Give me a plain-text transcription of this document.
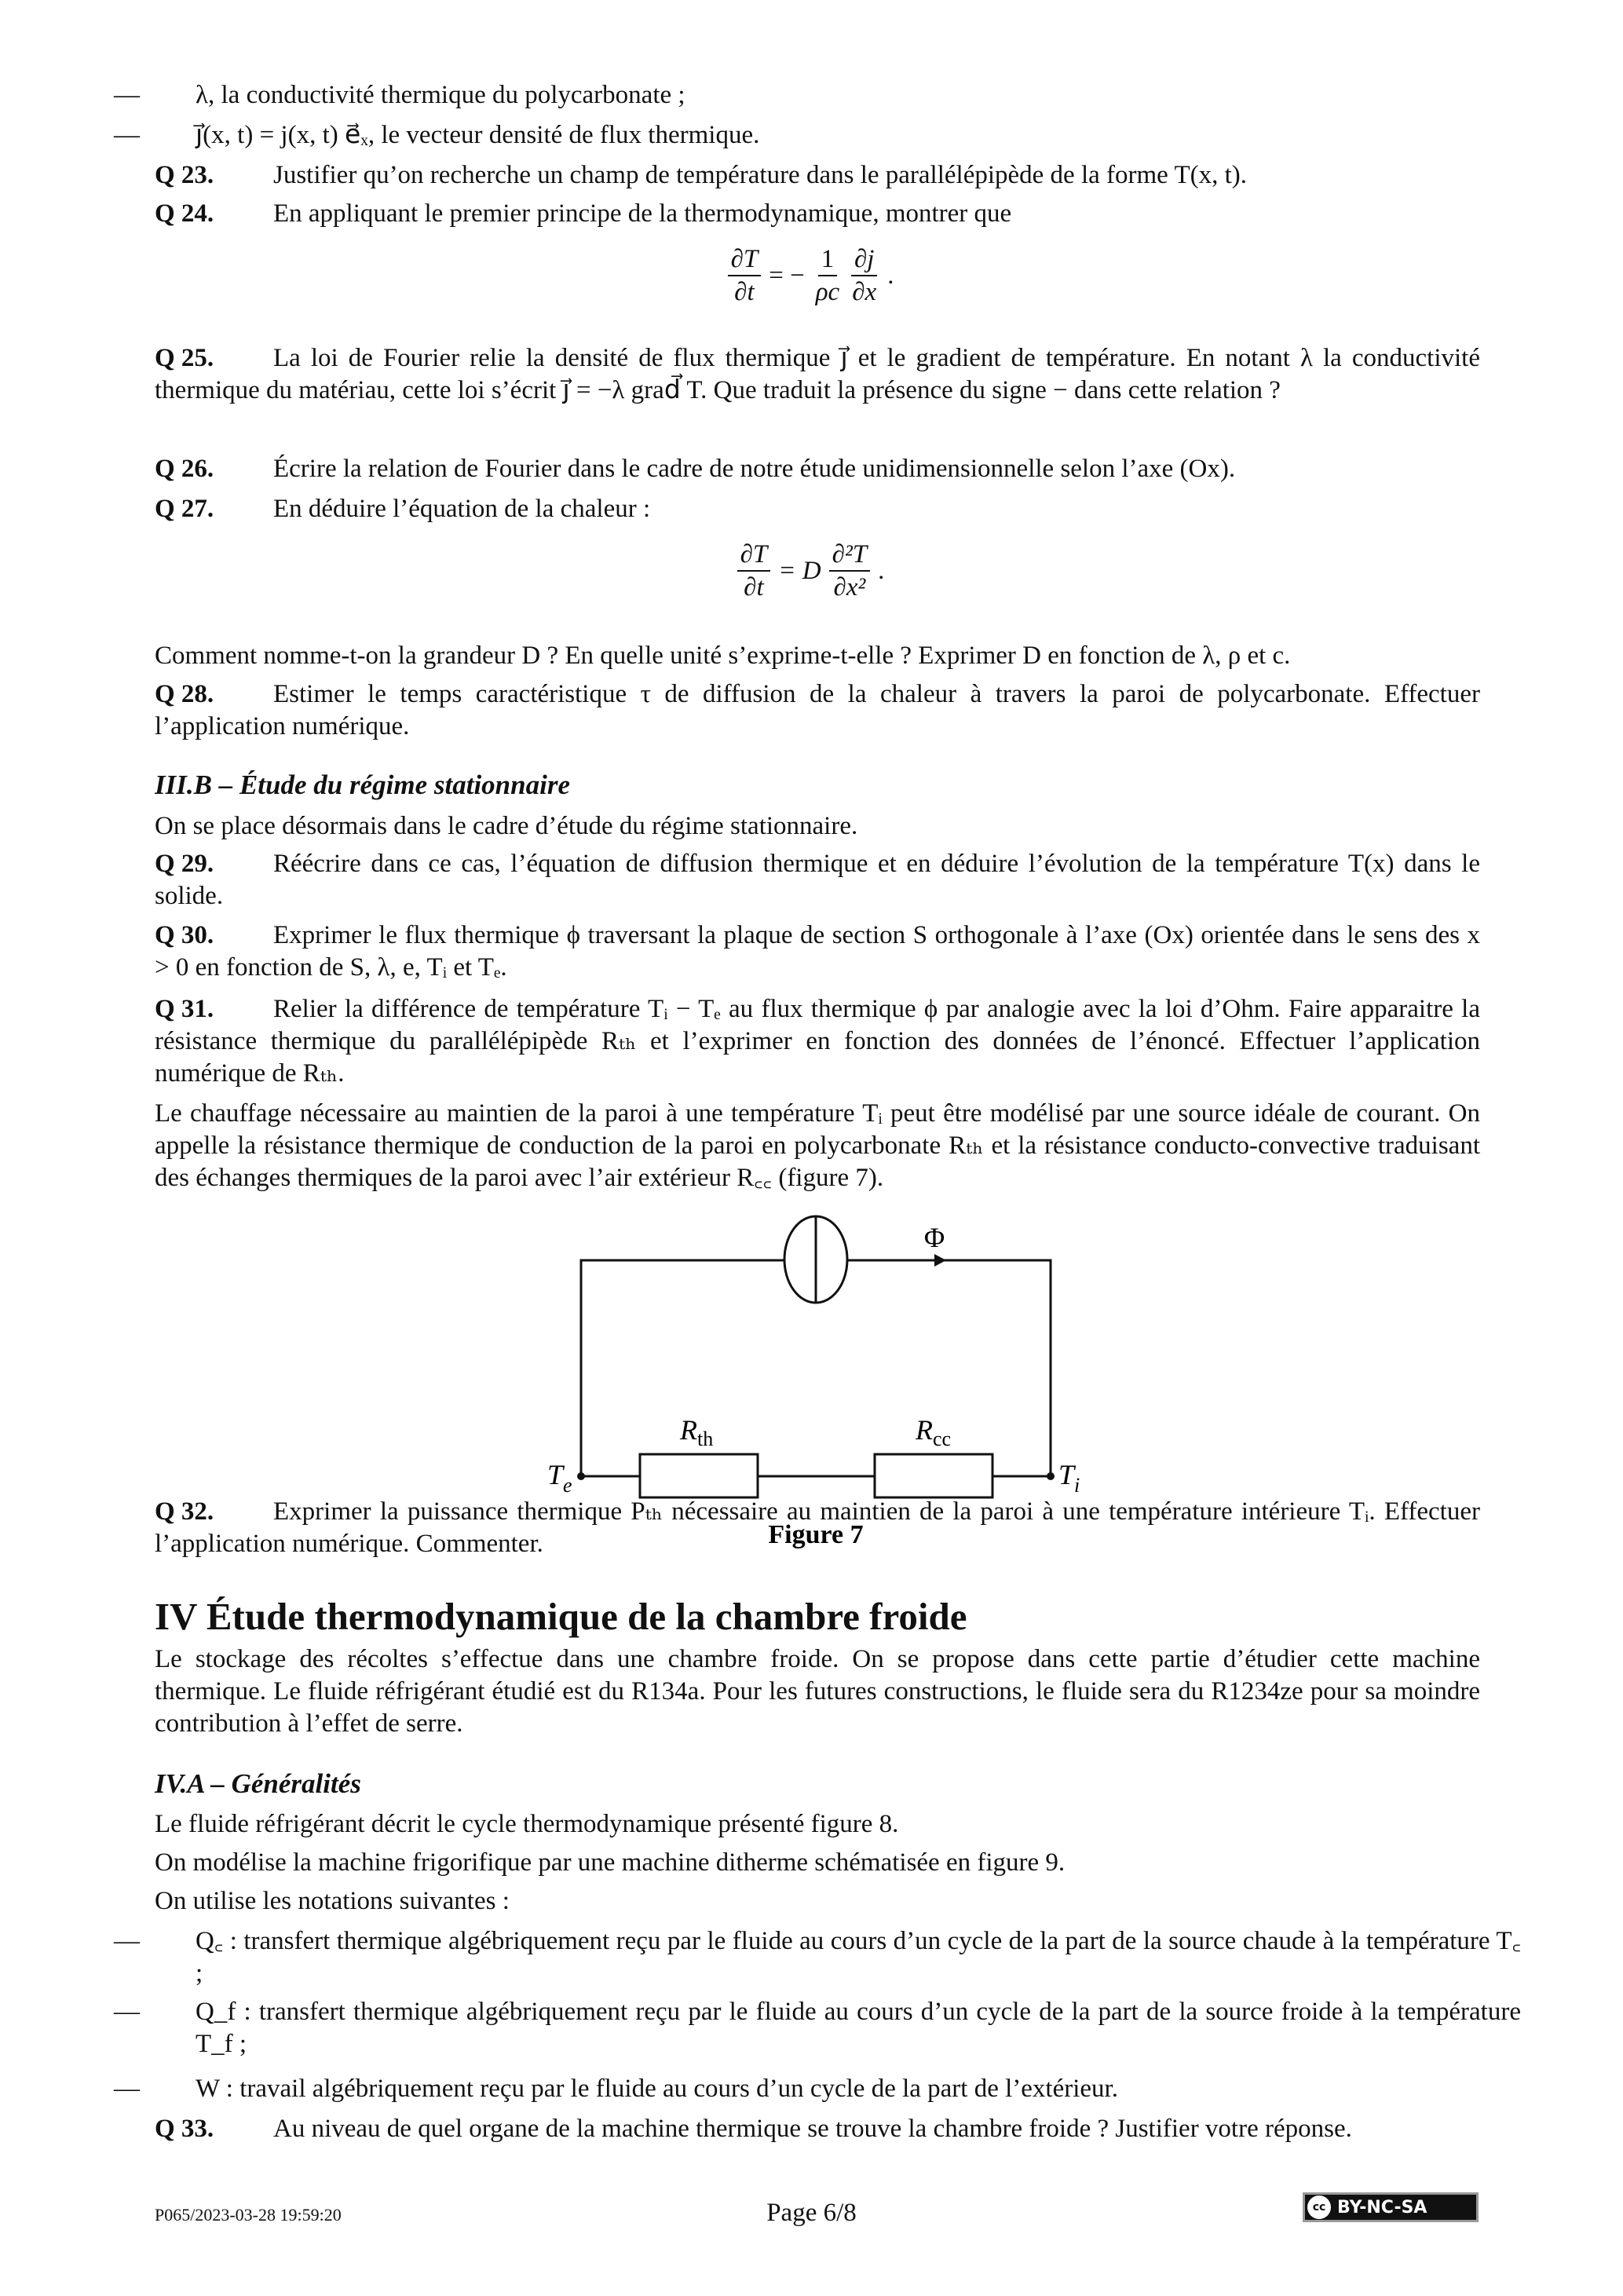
— λ, la conductivité thermique du polycarbonate ;

— j⃗(x, t) = j(x, t) e⃗ₓ, le vecteur densité de flux thermique.

Q 23. Justifier qu’on recherche un champ de température dans le parallélépipède de la forme T(x, t).

Q 24. En appliquant le premier principe de la thermodynamique, montrer que

$\frac{\partial T}{\partial t}$ = − $\frac{1}{\rho c} \frac{\partial j}{\partial x}$ .

Q 25. La loi de Fourier relie la densité de flux thermique j⃗ et le gradient de température. En notant λ la conductivité thermique du matériau, cette loi s’écrit j⃗ = −λ grad⃗ T. Que traduit la présence du signe − dans cette relation ?

Q 26. Écrire la relation de Fourier dans le cadre de notre étude unidimensionnelle selon l’axe (Ox).

Q 27. En déduire l’équation de la chaleur :

$\frac{\partial T}{\partial t} = D \frac{\text{∂²T}}{\text{∂x²}}$ .

Comment nomme-t-on la grandeur D ? En quelle unité s’exprime-t-elle ? Exprimer D en fonction de λ, ρ et c.

Q 28. Estimer le temps caractéristique τ de diffusion de la chaleur à travers la paroi de polycarbonate. Effectuer l’application numérique.

III.B – Étude du régime stationnaire

On se place désormais dans le cadre d’étude du régime stationnaire.

Q 29. Réécrire dans ce cas, l’équation de diffusion thermique et en déduire l’évolution de la température T(x) dans le solide.

Q 30. Exprimer le flux thermique ϕ traversant la plaque de section S orthogonale à l’axe (Ox) orientée dans le sens des x > 0 en fonction de S, λ, e, Tᵢ et Tₑ.

Q 31. Relier la différence de température Tᵢ − Tₑ au flux thermique ϕ par analogie avec la loi d’Ohm. Faire apparaitre la résistance thermique du parallélépipède Rₜₕ et l’exprimer en fonction des données de l’énoncé. Effectuer l’application numérique de Rₜₕ.

Le chauffage nécessaire au maintien de la paroi à une température Tᵢ peut être modélisé par une source idéale de courant. On appelle la résistance thermique de conduction de la paroi en polycarbonate Rₜₕ et la résistance conducto-convective traduisant des échanges thermiques de la paroi avec l’air extérieur R꜀꜀ (figure 7).

Φ
$R_{th}$	$R_{cc}$
$T_e$	$T_i$
Figure 7

Q 32. Exprimer la puissance thermique Pₜₕ nécessaire au maintien de la paroi à une température intérieure Tᵢ. Effectuer l’application numérique. Commenter.

IV Étude thermodynamique de la chambre froide

Le stockage des récoltes s’effectue dans une chambre froide. On se propose dans cette partie d’étudier cette machine thermique. Le fluide réfrigérant étudié est du R134a. Pour les futures constructions, le fluide sera du R1234ze pour sa moindre contribution à l’effet de serre.

IV.A – Généralités

Le fluide réfrigérant décrit le cycle thermodynamique présenté figure 8.

On modélise la machine frigorifique par une machine ditherme schématisée en figure 9.

On utilise les notations suivantes :

— Q꜀ : transfert thermique algébriquement reçu par le fluide au cours d’un cycle de la part de la source chaude à la température T꜀ ;

— Q_f : transfert thermique algébriquement reçu par le fluide au cours d’un cycle de la part de la source froide à la température T_f ;

— W : travail algébriquement reçu par le fluide au cours d’un cycle de la part de l’extérieur.

Q 33. Au niveau de quel organe de la machine thermique se trouve la chambre froide ? Justifier votre réponse.

P065/2023-03-28 19:59:20	Page 6/8	cc BY-NC-SA
